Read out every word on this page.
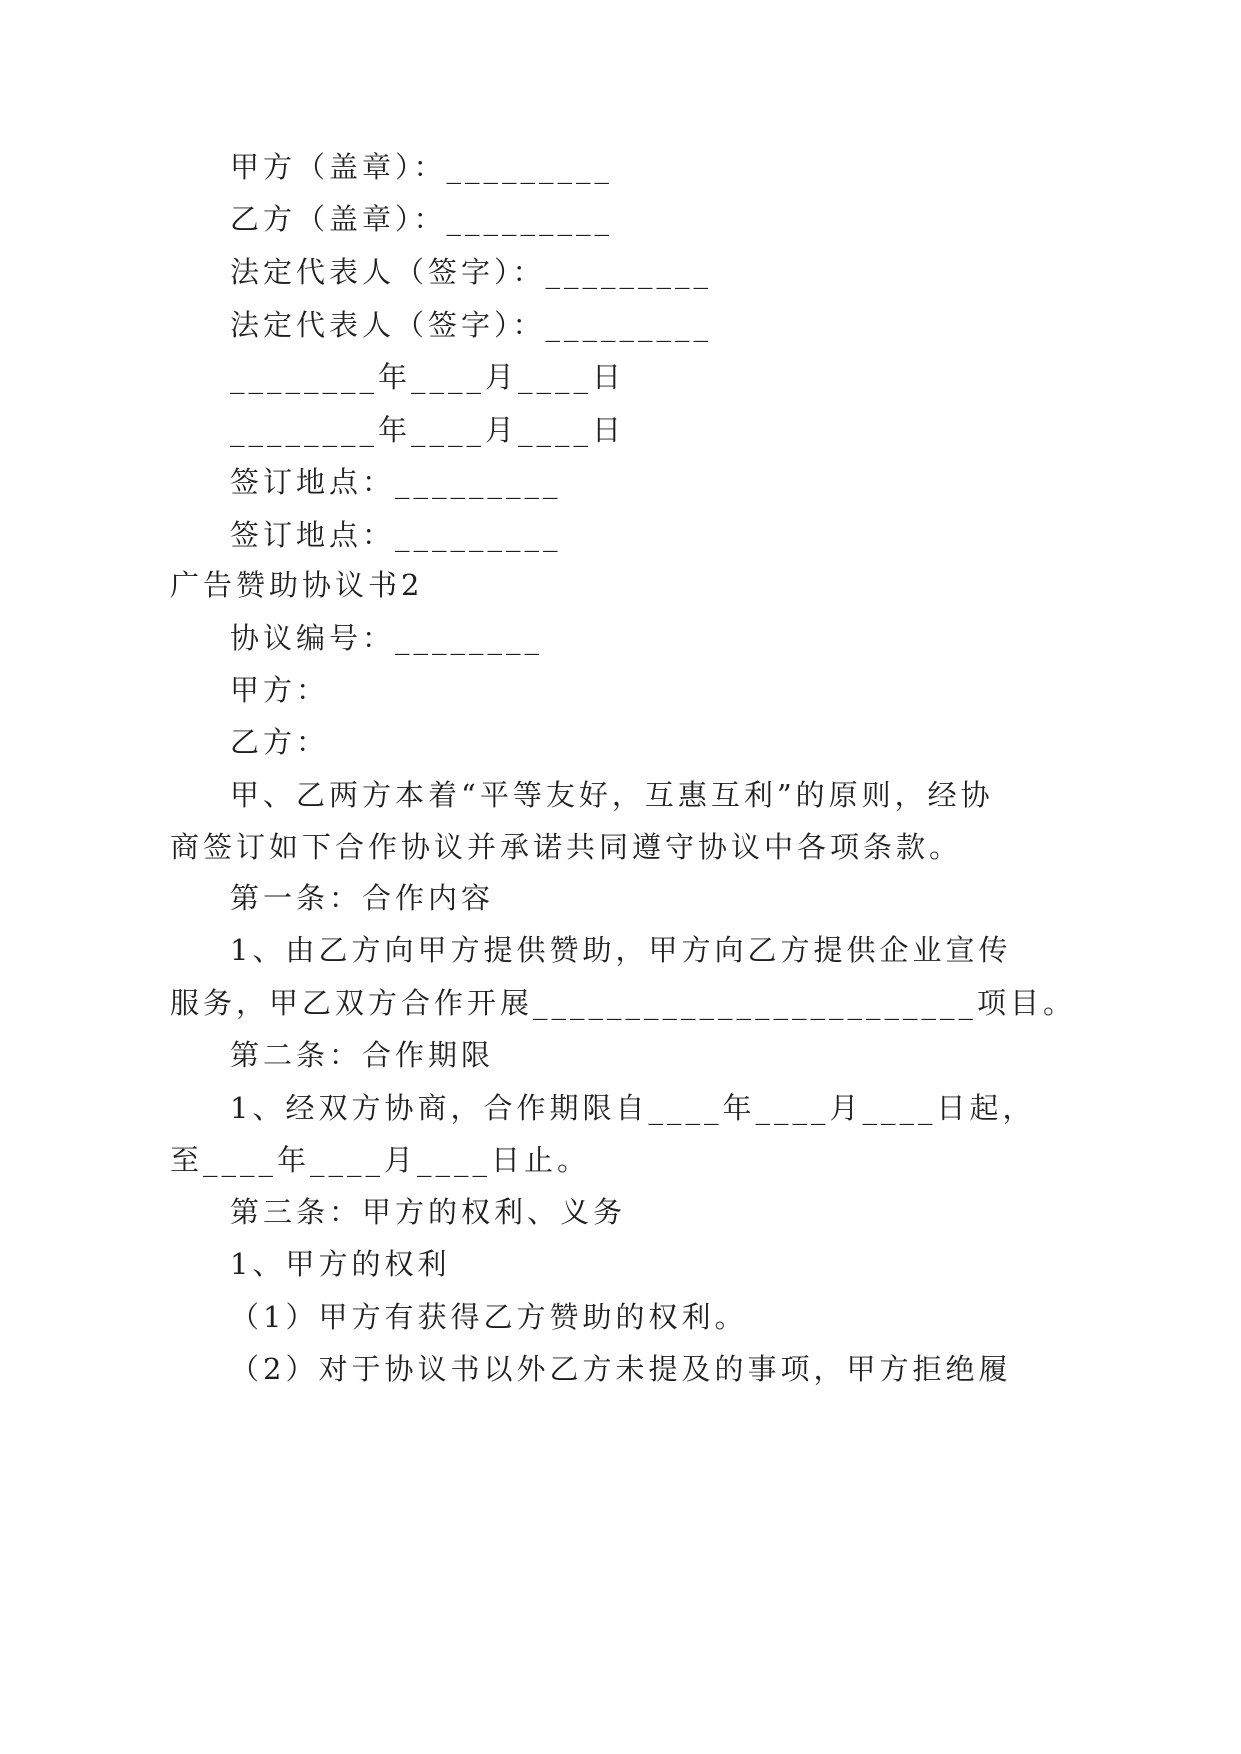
甲方（盖章）：_________
乙方（盖章）：_________
法定代表人（签字）：_________
法定代表人（签字）：_________
________年____月____日
________年____月____日
签订地点：_________
签订地点：_________
广告赞助协议书2
协议编号：________
甲方：
乙方：
甲、乙两方本着“平等友好，互惠互利”的原则，经协
商签订如下合作协议并承诺共同遵守协议中各项条款。
第一条：合作内容
1、由乙方向甲方提供赞助，甲方向乙方提供企业宣传
服务，甲乙双方合作开展________________________项目。
第二条：合作期限
1、经双方协商，合作期限自____年____月____日起，
至____年____月____日止。
第三条：甲方的权利、义务
1、甲方的权利
（1）甲方有获得乙方赞助的权利。
（2）对于协议书以外乙方未提及的事项，甲方拒绝履
